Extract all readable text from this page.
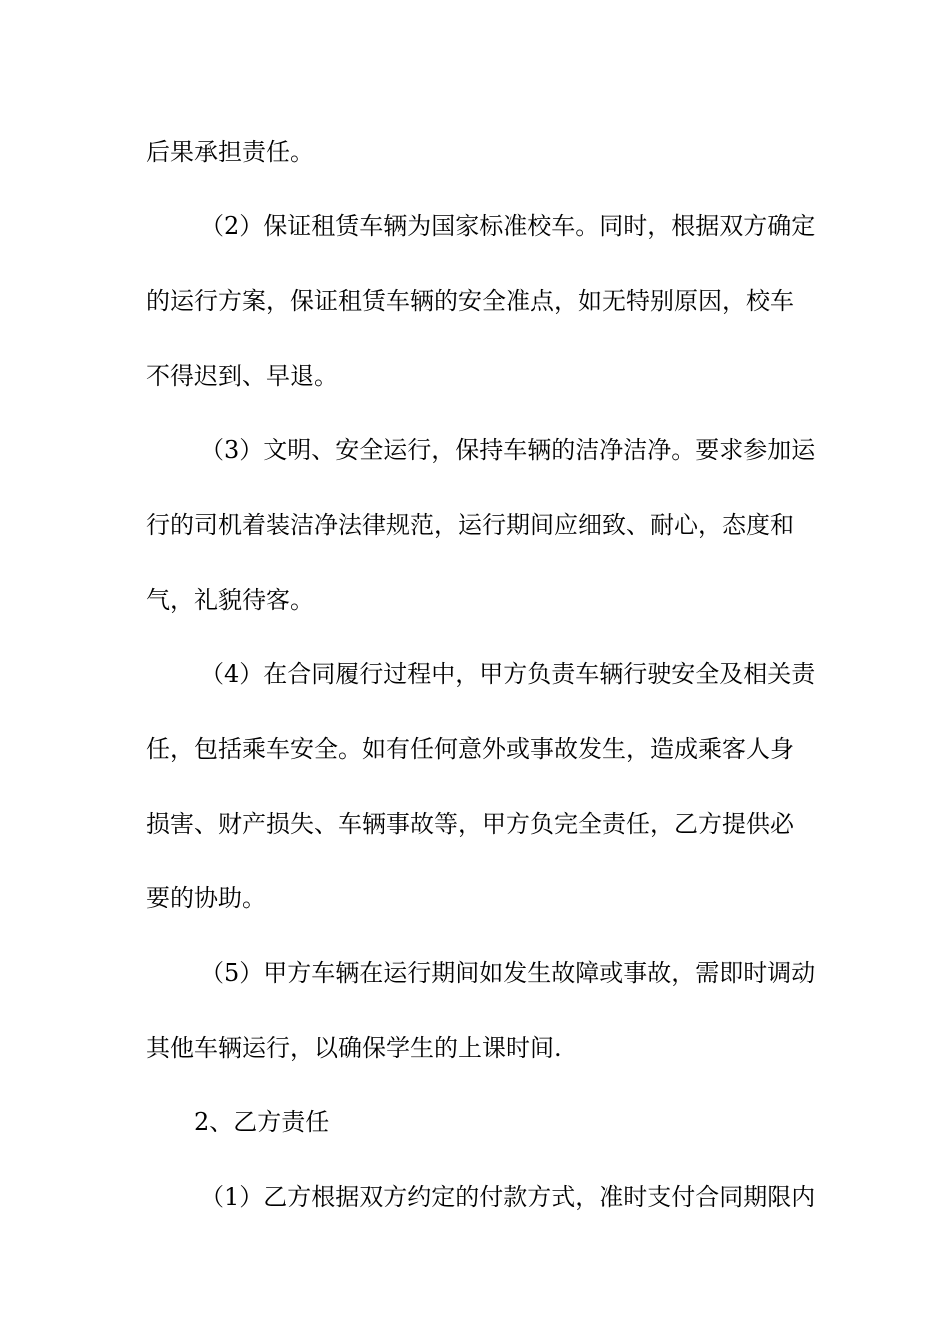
后果承担责任。
（2）保证租赁车辆为国家标准校车。同时，根据双方确定
的运行方案，保证租赁车辆的安全准点，如无特别原因，校车
不得迟到、早退。
（3）文明、安全运行，保持车辆的洁净洁净。要求参加运
行的司机着装洁净法律规范，运行期间应细致、耐心，态度和
气，礼貌待客。
（4）在合同履行过程中，甲方负责车辆行驶安全及相关责
任，包括乘车安全。如有任何意外或事故发生，造成乘客人身
损害、财产损失、车辆事故等，甲方负完全责任，乙方提供必
要的协助。
（5）甲方车辆在运行期间如发生故障或事故，需即时调动
其他车辆运行，以确保学生的上课时间.
2、乙方责任
（1）乙方根据双方约定的付款方式，准时支付合同期限内
